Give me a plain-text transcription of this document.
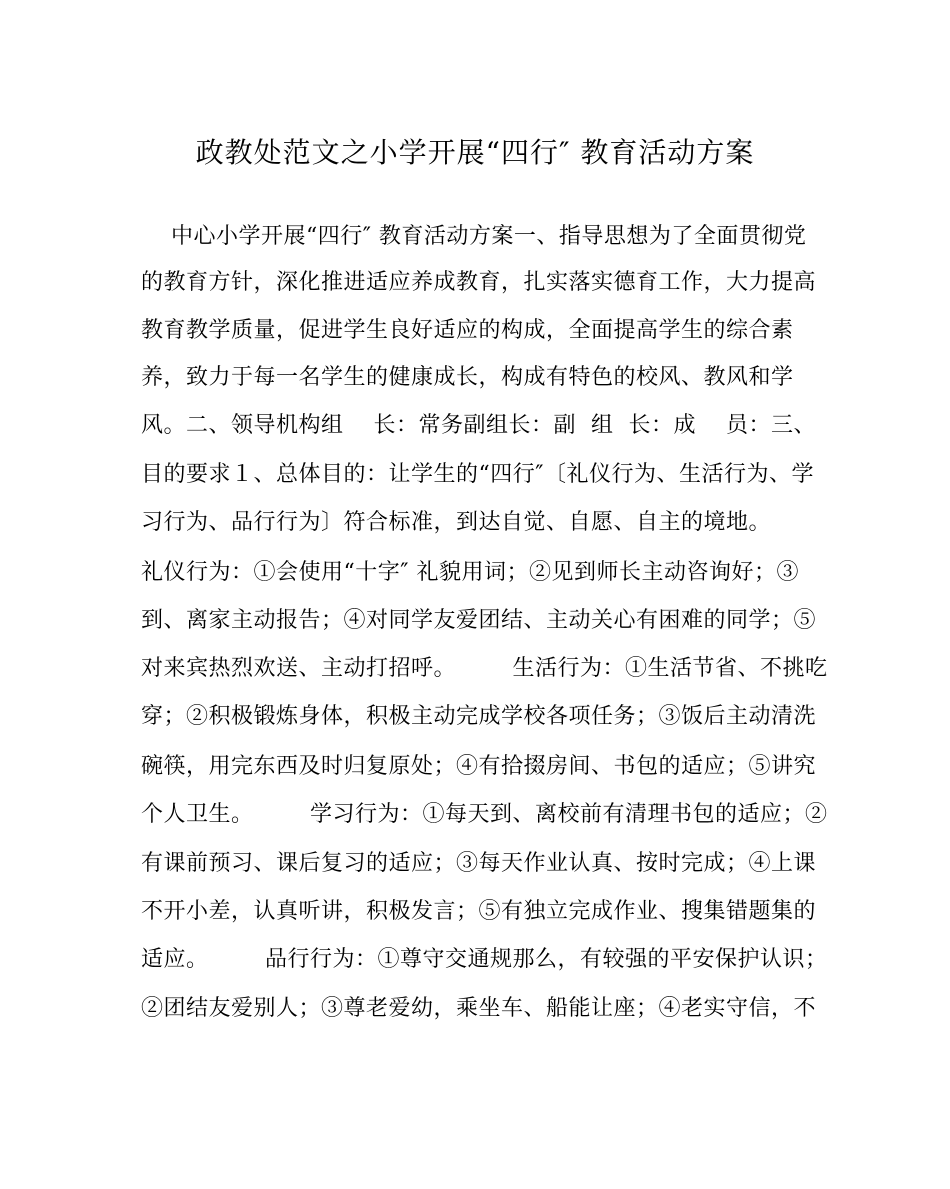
政教处范文之小学开展“四行″ 教育活动方案
中心小学开展“四行″ 教育活动方案一、指导思想为了全面贯彻党
的教育方针，深化推进适应养成教育，扎实落实德育工作，大力提高
教育教学质量，促进学生良好适应的构成，全面提高学生的综合素
养，致力于每一名学生的健康成长，构成有特色的校风、教风和学
风。二、领导机构组　 长：常务副组长：副  组  长：成　 员：三、
目的要求１、总体目的：让学生的“四行″〔礼仪行为、生活行为、学
习行为、品行行为〕符合标准，到达自觉、自愿、自主的境地。
礼仪行为：①会使用“十字″ 礼貌用词；②见到师长主动咨询好；③
到、离家主动报告；④对同学友爱团结、主动关心有困难的同学；⑤
对来宾热烈欢送、主动打招呼。　　　生活行为：①生活节省、不挑吃
穿；②积极锻炼身体，积极主动完成学校各项任务；③饭后主动清洗
碗筷，用完东西及时归复原处；④有拾掇房间、书包的适应；⑤讲究
个人卫生。　　　学习行为：①每天到、离校前有清理书包的适应；②
有课前预习、课后复习的适应；③每天作业认真、按时完成；④上课
不开小差，认真听讲，积极发言；⑤有独立完成作业、搜集错题集的
适应。　　　品行行为：①尊守交通规那么，有较强的平安保护认识；
②团结友爱别人；③尊老爱幼，乘坐车、船能让座；④老实守信，不
